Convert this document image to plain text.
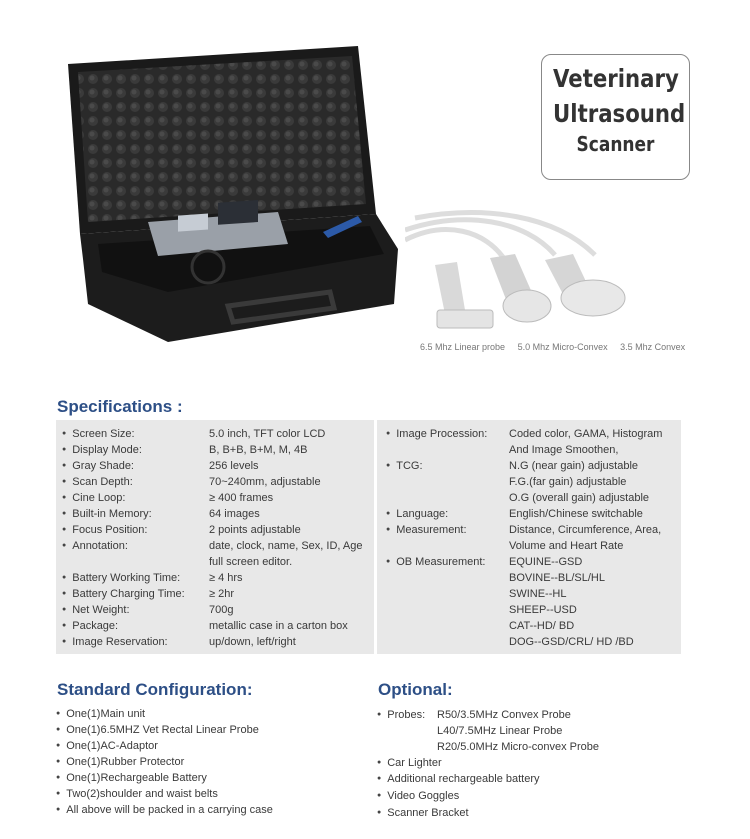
6.5 Mhz Linear probe 5.0 Mhz Micro-Convex 3.5 Mhz Convex
Veterinary
Ultrasound
Scanner
Specifications :
● Screen Size:	5.0 inch, TFT color LCD
● Display Mode:	B, B+B, B+M, M, 4B
● Gray Shade:	256 levels
● Scan Depth:	70~240mm, adjustable
● Cine Loop:	≥ 400 frames
● Built-in Memory:	64 images
● Focus Position:	2 points adjustable
● Annotation:	date, clock, name, Sex, ID, Age
full screen editor.
● Battery Working Time:	≥ 4 hrs
● Battery Charging Time: ≥ 2hr
● Net Weight:	700g
● Package:	metallic case in a carton box
● Image Reservation:	up/down, left/right
● Image Procession: Coded color, GAMA, Histogram
And Image Smoothen,
● TCG:	N.G (near gain) adjustable
F.G.(far gain) adjustable
O.G (overall gain) adjustable
● Language:	English/Chinese switchable
● Measurement:	Distance, Circumference, Area,
Volume and Heart Rate
● OB Measurement: EQUINE--GSD
BOVINE--BL/SL/HL
SWINE--HL
SHEEP--USD
CAT--HD/ BD
DOG--GSD/CRL/ HD /BD
Standard Configuration:
● One(1)Main unit
● One(1)6.5MHZ Vet Rectal Linear Probe
● One(1)AC-Adaptor
● One(1)Rubber Protector
● One(1)Rechargeable Battery
● Two(2)shoulder and waist belts
● All above will be packed in a carrying case
Optional:
● Probes: R50/3.5MHz Convex Probe
L40/7.5MHz Linear Probe
R20/5.0MHz Micro-convex Probe
● Car Lighter
● Additional rechargeable battery
● Video Goggles
● Scanner Bracket
